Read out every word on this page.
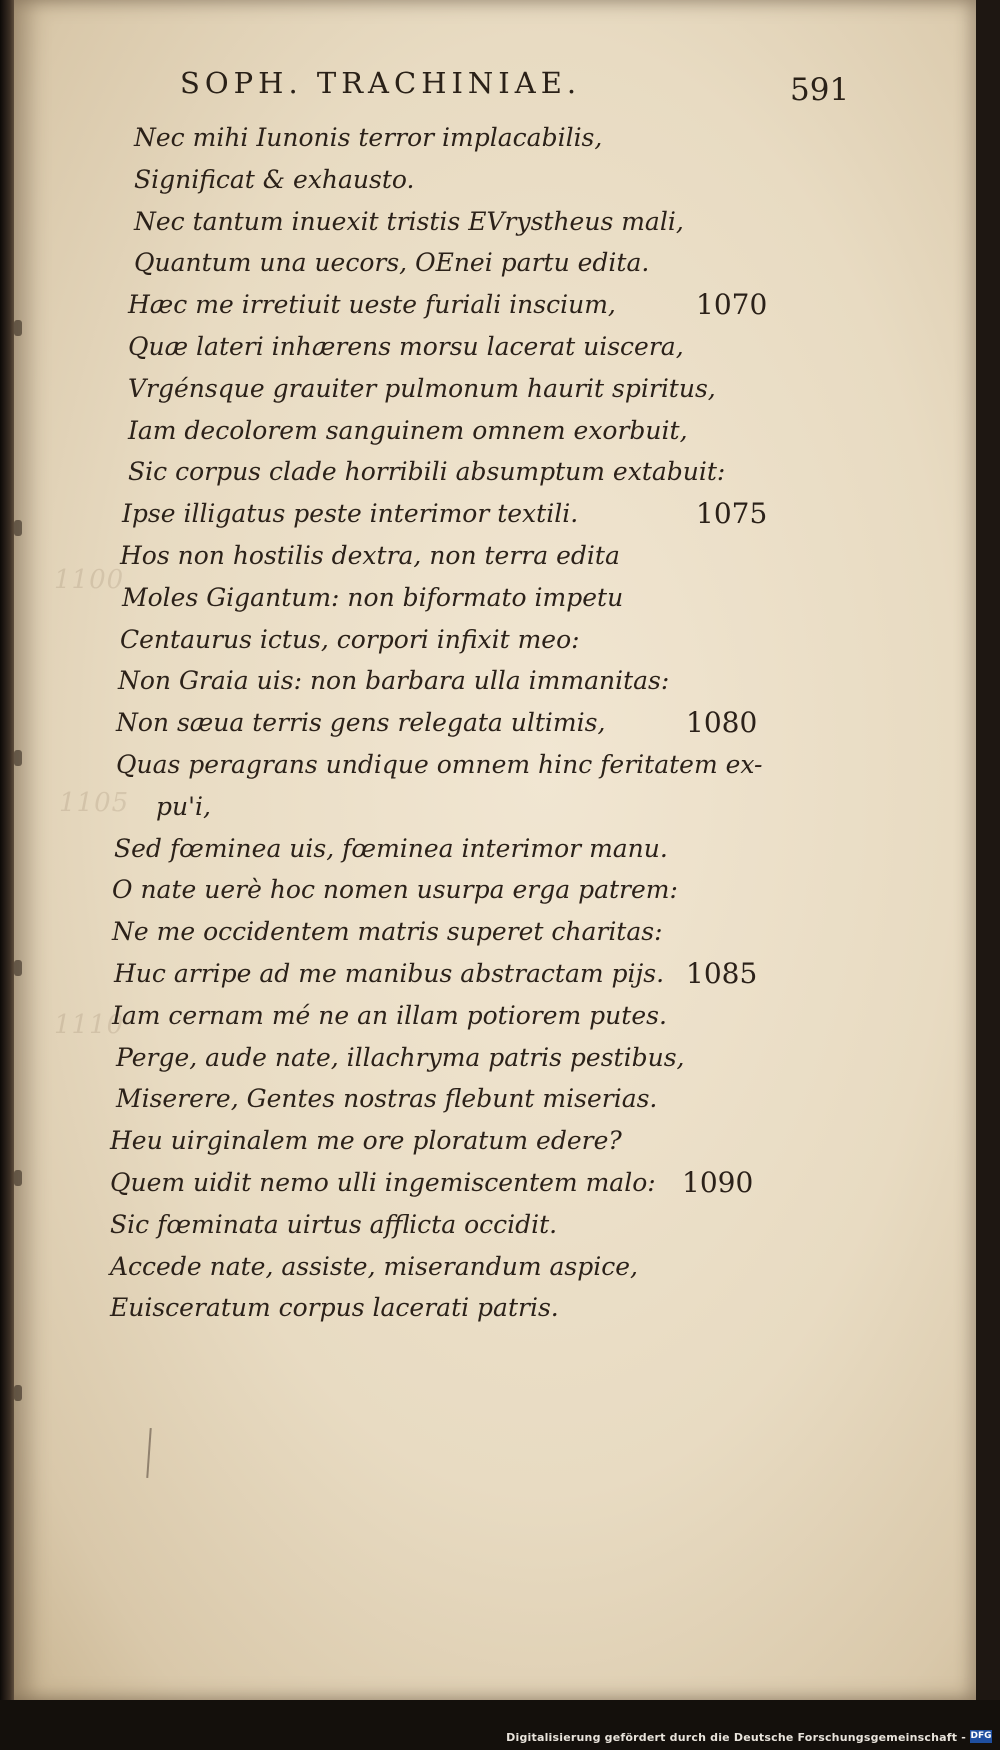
1100
1105
1110
SOPH. TRACHINIAE.	591
Nec mihi Iunonis terror implacabilis,
Significat & exhausto.
Nec tantum inuexit tristis EVrystheus mali,
Quantum una uecors, OEnei partu edita.
Hæc me irretiuit ueste furiali inscium,	1070
Quæ lateri inhærens morsu lacerat uiscera,
Vrgénsque grauiter pulmonum haurit spiritus,
Iam decolorem sanguinem omnem exorbuit,
Sic corpus clade horribili absumptum extabuit:
Ipse illigatus peste interimor textili.	1075
Hos non hostilis dextra, non terra edita
Moles Gigantum: non biformato impetu
Centaurus ictus, corpori infixit meo:
Non Graia uis: non barbara ulla immanitas:
Non sæua terris gens relegata ultimis,	1080
Quas peragrans undique omnem hinc feritatem ex-
pu'i,
Sed fœminea uis, fœminea interimor manu.
O nate uerè hoc nomen usurpa erga patrem:
Ne me occidentem matris superet charitas:
Huc arripe ad me manibus abstractam pijs. 1085
Iam cernam mé ne an illam potiorem putes.
Perge, aude nate, illachryma patris pestibus,
Miserere, Gentes nostras flebunt miserias.
Heu uirginalem me ore ploratum edere?
Quem uidit nemo ulli ingemiscentem malo: 1090
Sic fœminata uirtus afflicta occidit.
Accede nate, assiste, miserandum aspice,
Euisceratum corpus lacerati patris.
Digitalisierung gefördert durch die Deutsche Forschungsgemeinschaft - DFG
